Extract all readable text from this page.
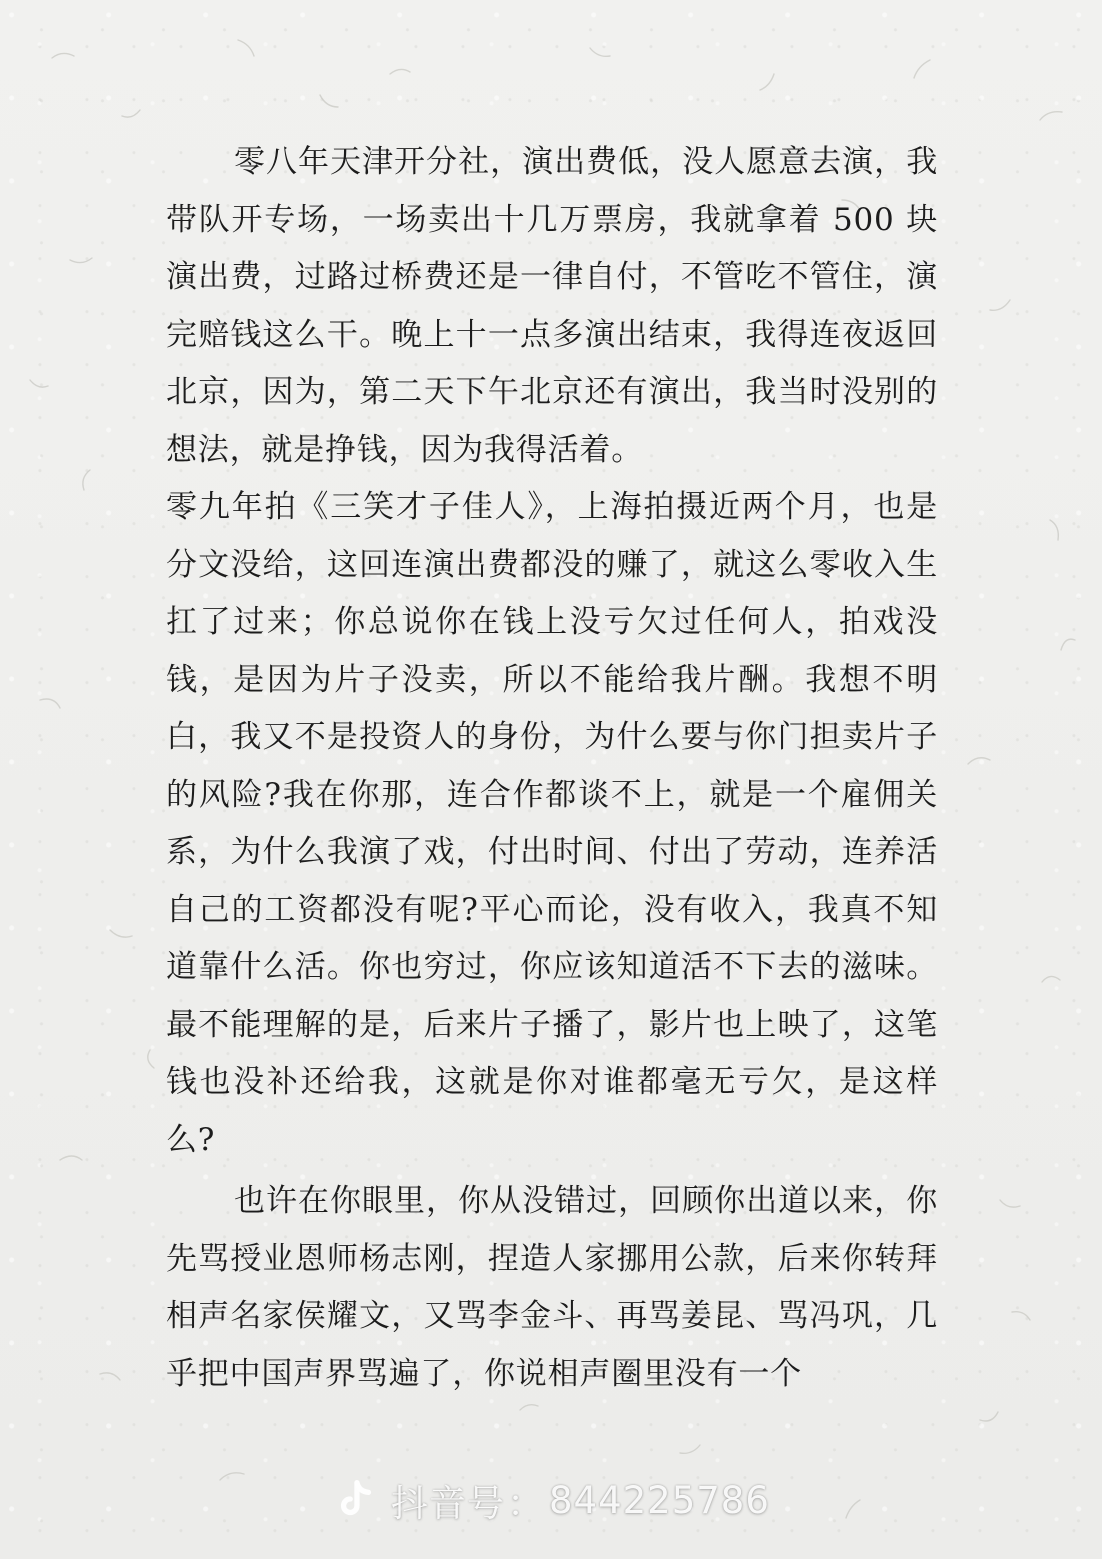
零八年天津开分社，演出费低，没人愿意去演，我带队开专场，一场卖出十几万票房，我就拿着 500 块演出费，过路过桥费还是一律自付，不管吃不管住，演完赔钱这么干。晚上十一点多演出结束，我得连夜返回北京，因为，第二天下午北京还有演出，我当时没别的想法，就是挣钱，因为我得活着。

零九年拍《三笑才子佳人》，上海拍摄近两个月，也是分文没给，这回连演出费都没的赚了，就这么零收入生扛了过来；你总说你在钱上没亏欠过任何人，拍戏没钱，是因为片子没卖，所以不能给我片酬。我想不明白，我又不是投资人的身份，为什么要与你门担卖片子的风险?我在你那，连合作都谈不上，就是一个雇佣关系，为什么我演了戏，付出时间、付出了劳动，连养活自己的工资都没有呢?平心而论，没有收入，我真不知道靠什么活。你也穷过，你应该知道活不下去的滋味。最不能理解的是，后来片子播了，影片也上映了，这笔钱也没补还给我，这就是你对谁都毫无亏欠，是这样么?

也许在你眼里，你从没错过，回顾你出道以来，你先骂授业恩师杨志刚，捏造人家挪用公款，后来你转拜相声名家侯耀文，又骂李金斗、再骂姜昆、骂冯巩，几乎把中国声界骂遍了，你说相声圈里没有一个

抖音号 ： 844225786
